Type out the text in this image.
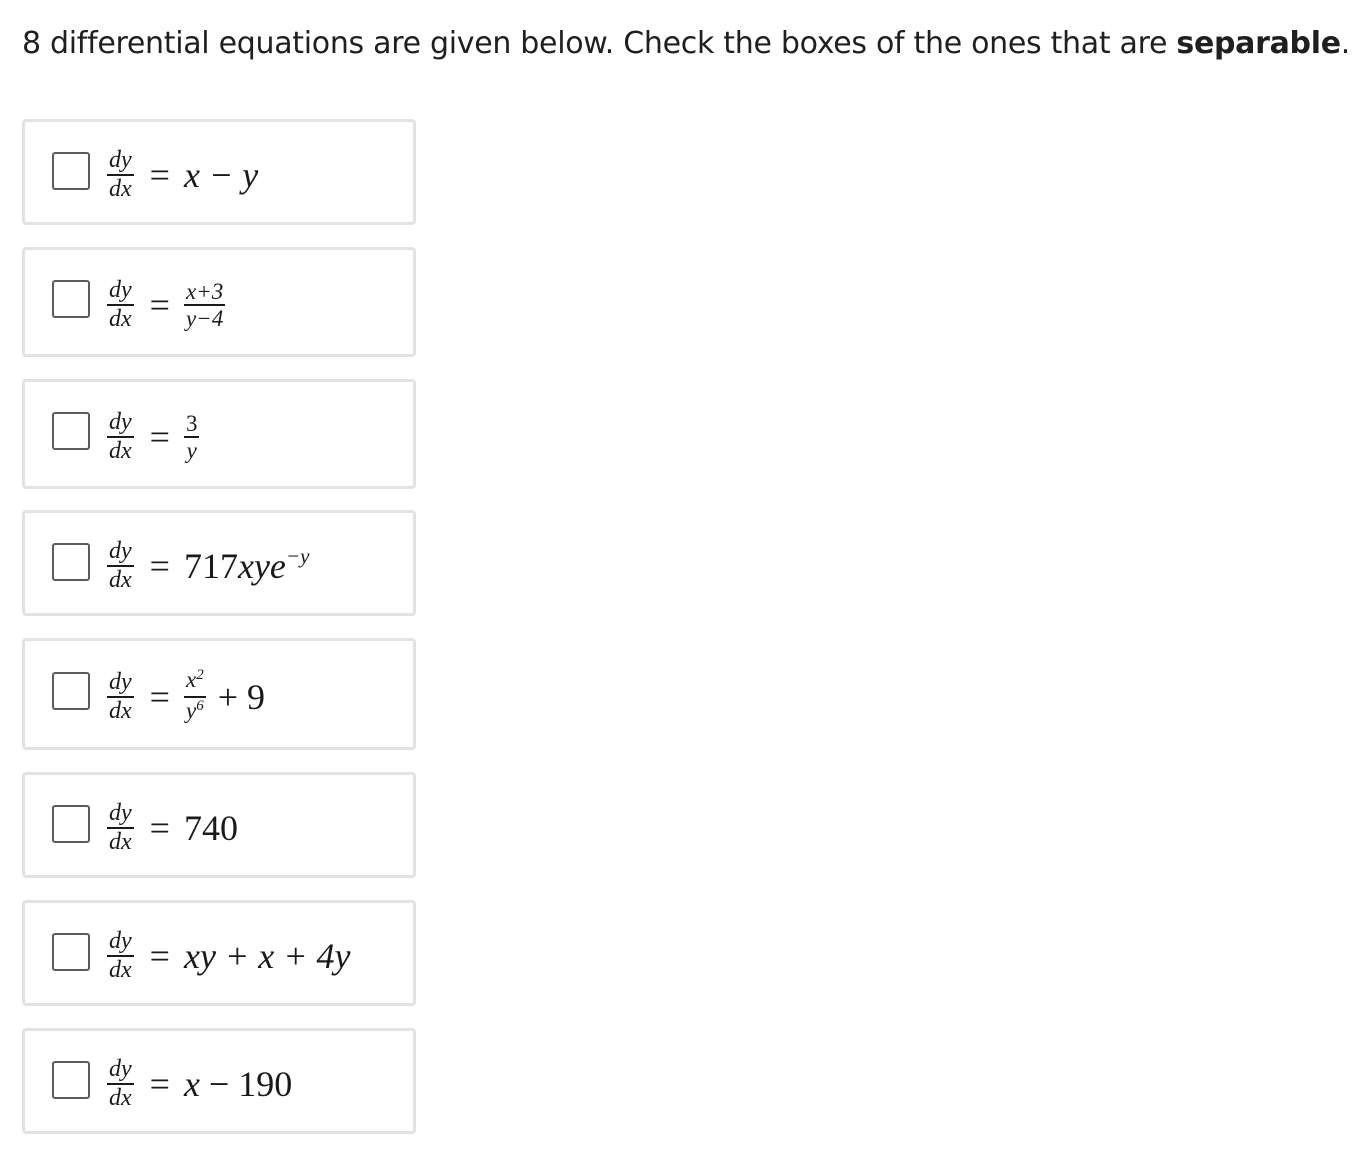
8 differential equations are given below. Check the boxes of the ones that are separable.
$\frac{dy}{dx} = x - y$
$\frac{dy}{dx} = \frac{x+3}{y-4}$
$\frac{dy}{dx} = \frac{3}{y}$
$\frac{dy}{dx} = 717xye^{-y}$
$\frac{dy}{dx} = \frac{x^2}{y^6} + 9$
$\frac{dy}{dx} = 740$
$\frac{dy}{dx}$ = xy + x + 4y
$\frac{dy}{dx} = x - 190$
